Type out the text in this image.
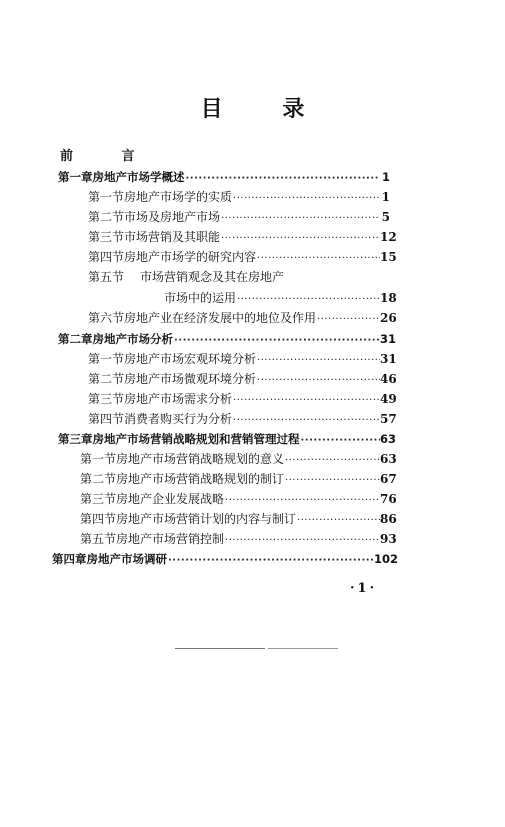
目 录
前 言
第一章 房地产市场学概述 ·····	1
第一节 房地产市场学的实质 ·····	1
第二节 市场及房地产市场 ·····	5
第三节 市场营销及其职能 ·····	12
第四节 房地产市场学的研究内容 ·····	15
第五节	市场营销观念及其在房地产
市场中的运用 ·····	18
第六节 房地产业在经济发展中的地位及作用 ·····	26
第二章 房地产市场分析 ·····	31
第一节 房地产市场宏观环境分析 ·····	31
第二节 房地产市场微观环境分析 ·····	46
第三节 房地产市场需求分析 ·····	49
第四节 消费者购买行为分析 ·····	57
第三章 房地产市场营销战略规划和营销管理过程 ·····	63
第一节 房地产市场营销战略规划的意义 ·····	63
第二节 房地产市场营销战略规划的制订 ·····	67
第三节 房地产企业发展战略 ·····	76
第四节 房地产市场营销计划的内容与制订 ·····	86
第五节 房地产市场营销控制 ·····	93
第四章 房地产市场调研 ·····	102
·1·
